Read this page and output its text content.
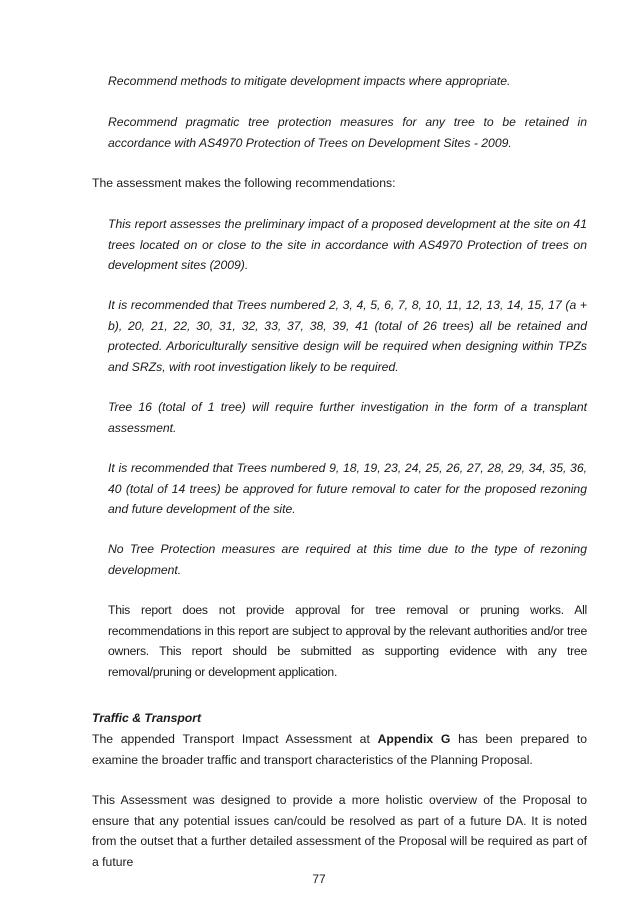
Recommend methods to mitigate development impacts where appropriate.

Recommend pragmatic tree protection measures for any tree to be retained in accordance with AS4970 Protection of Trees on Development Sites - 2009.

The assessment makes the following recommendations:

This report assesses the preliminary impact of a proposed development at the site on 41 trees located on or close to the site in accordance with AS4970 Protection of trees on development sites (2009).

It is recommended that Trees numbered 2, 3, 4, 5, 6, 7, 8, 10, 11, 12, 13, 14, 15, 17 (a + b), 20, 21, 22, 30, 31, 32, 33, 37, 38, 39, 41 (total of 26 trees) all be retained and protected. Arboriculturally sensitive design will be required when designing within TPZs and SRZs, with root investigation likely to be required.

Tree 16 (total of 1 tree) will require further investigation in the form of a transplant assessment.

It is recommended that Trees numbered 9, 18, 19, 23, 24, 25, 26, 27, 28, 29, 34, 35, 36, 40 (total of 14 trees) be approved for future removal to cater for the proposed rezoning and future development of the site.

No Tree Protection measures are required at this time due to the type of rezoning development.

This report does not provide approval for tree removal or pruning works. All recommendations in this report are subject to approval by the relevant authorities and/or tree owners. This report should be submitted as supporting evidence with any tree removal/pruning or development application.

Traffic & Transport

The appended Transport Impact Assessment at Appendix G has been prepared to examine the broader traffic and transport characteristics of the Planning Proposal.

This Assessment was designed to provide a more holistic overview of the Proposal to ensure that any potential issues can/could be resolved as part of a future DA. It is noted from the outset that a further detailed assessment of the Proposal will be required as part of a future

77
